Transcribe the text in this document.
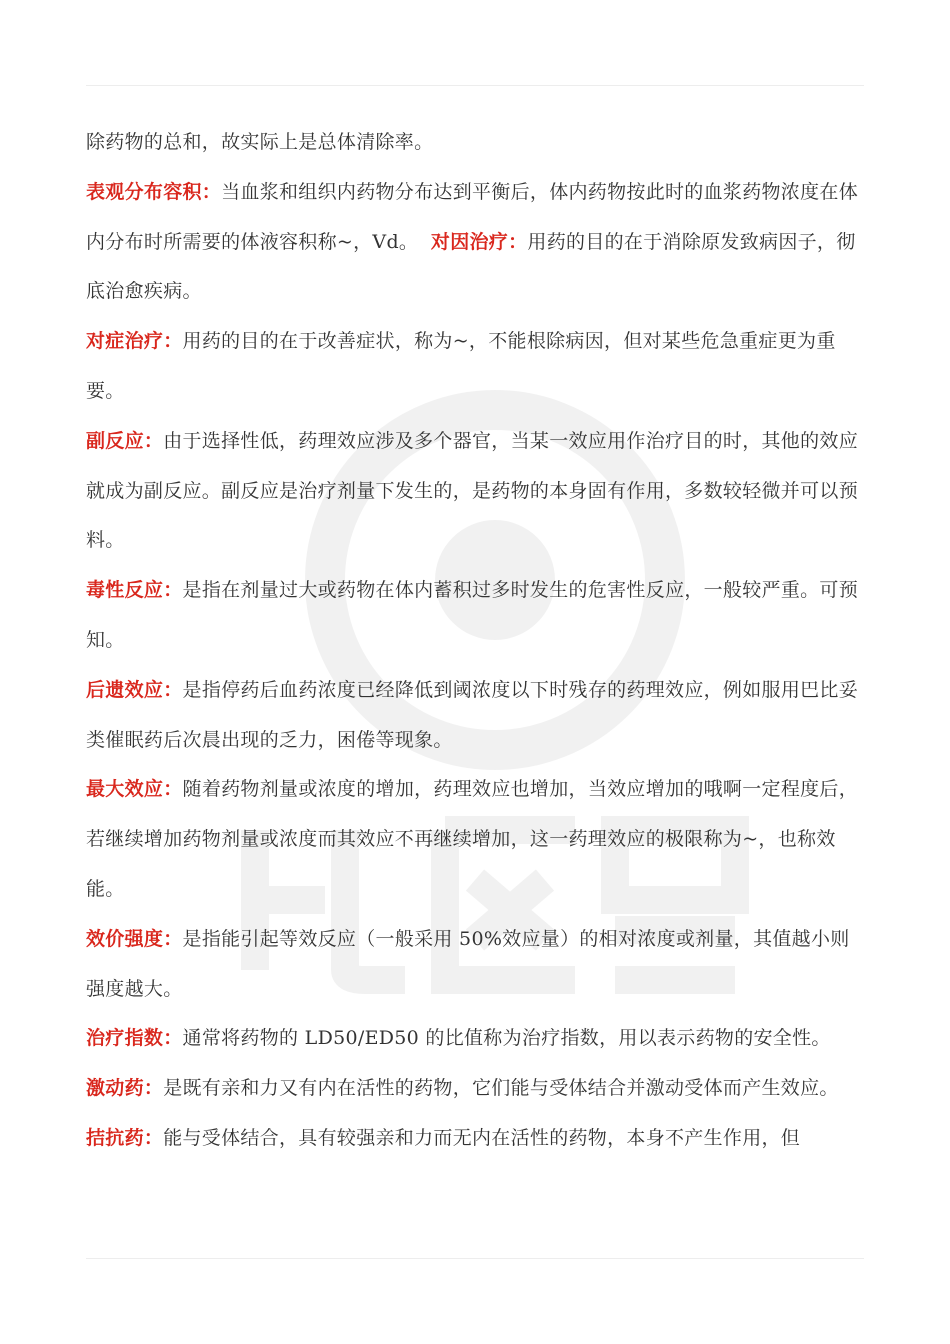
除药物的总和，故实际上是总体清除率。

表观分布容积：当血浆和组织内药物分布达到平衡后，体内药物按此时的血浆药物浓度在体内分布时所需要的体液容积称~，Vd。 对因治疗：用药的目的在于消除原发致病因子，彻底治愈疾病。

对症治疗：用药的目的在于改善症状，称为~，不能根除病因，但对某些危急重症更为重要。

副反应：由于选择性低，药理效应涉及多个器官，当某一效应用作治疗目的时，其他的效应就成为副反应。副反应是治疗剂量下发生的，是药物的本身固有作用，多数较轻微并可以预料。

毒性反应：是指在剂量过大或药物在体内蓄积过多时发生的危害性反应，一般较严重。可预知。

后遗效应：是指停药后血药浓度已经降低到阈浓度以下时残存的药理效应，例如服用巴比妥类催眠药后次晨出现的乏力，困倦等现象。

最大效应：随着药物剂量或浓度的增加，药理效应也增加，当效应增加的哦啊一定程度后，若继续增加药物剂量或浓度而其效应不再继续增加，这一药理效应的极限称为~，也称效能。

效价强度：是指能引起等效反应（一般采用 50%效应量）的相对浓度或剂量，其值越小则强度越大。

治疗指数：通常将药物的 LD50/ED50 的比值称为治疗指数，用以表示药物的安全性。

激动药：是既有亲和力又有内在活性的药物，它们能与受体结合并激动受体而产生效应。

拮抗药：能与受体结合，具有较强亲和力而无内在活性的药物，本身不产生作用，但
